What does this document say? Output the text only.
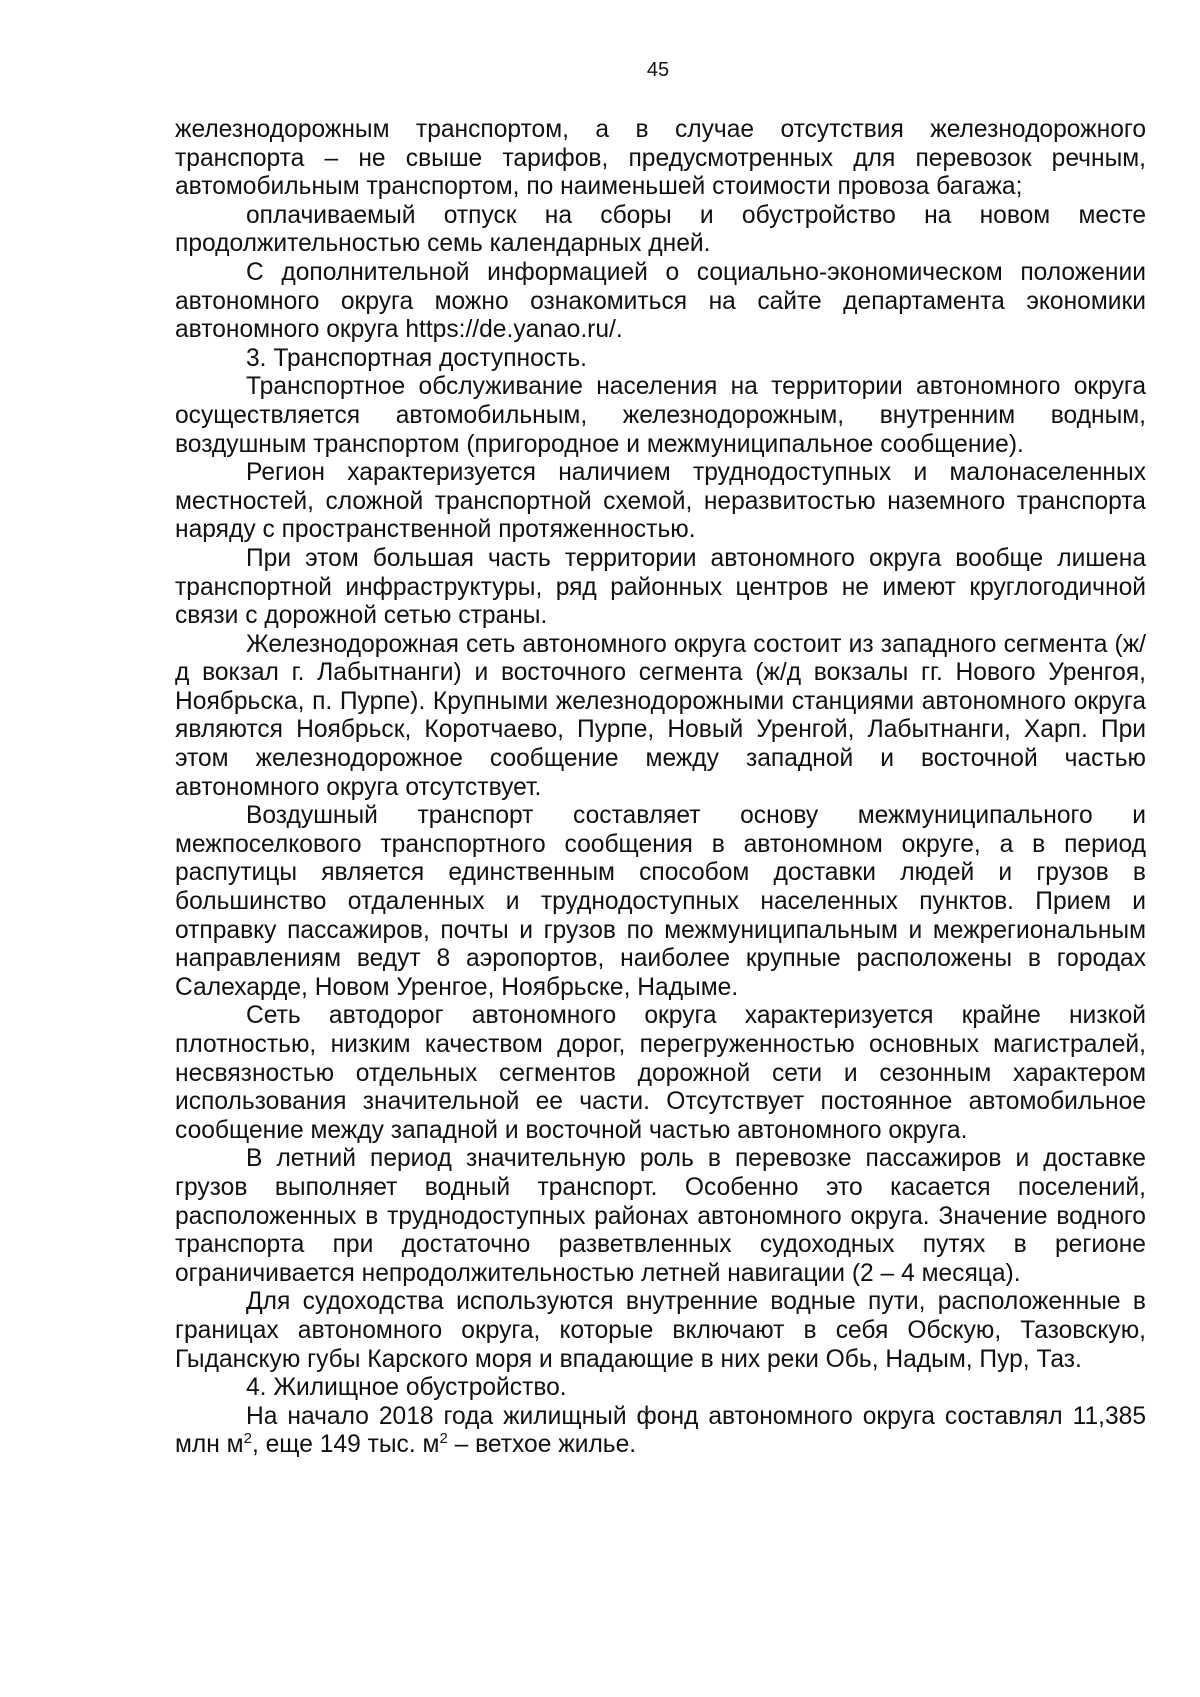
45

железнодорожным транспортом, а в случае отсутствия железнодорожного транспорта – не свыше тарифов, предусмотренных для перевозок речным, автомобильным транспортом, по наименьшей стоимости провоза багажа;

оплачиваемый отпуск на сборы и обустройство на новом месте продолжительностью семь календарных дней.

С дополнительной информацией о социально-экономическом положении автономного округа можно ознакомиться на сайте департамента экономики автономного округа https://de.yanao.ru/.

3. Транспортная доступность.

Транспортное обслуживание населения на территории автономного округа осуществляется автомобильным, железнодорожным, внутренним водным, воздушным транспортом (пригородное и межмуниципальное сообщение).

Регион характеризуется наличием труднодоступных и малонаселенных местностей, сложной транспортной схемой, неразвитостью наземного транспорта наряду с пространственной протяженностью.

При этом большая часть территории автономного округа вообще лишена транспортной инфраструктуры, ряд районных центров не имеют круглогодичной связи с дорожной сетью страны.

Железнодорожная сеть автономного округа состоит из западного сегмента (ж/д вокзал г. Лабытнанги) и восточного сегмента (ж/д вокзалы гг. Нового Уренгоя, Ноябрьска, п. Пурпе). Крупными железнодорожными станциями автономного округа являются Ноябрьск, Коротчаево, Пурпе, Новый Уренгой, Лабытнанги, Харп. При этом железнодорожное сообщение между западной и восточной частью автономного округа отсутствует.

Воздушный транспорт составляет основу межмуниципального и межпоселкового транспортного сообщения в автономном округе, а в период распутицы является единственным способом доставки людей и грузов в большинство отдаленных и труднодоступных населенных пунктов. Прием и отправку пассажиров, почты и грузов по межмуниципальным и межрегиональным направлениям ведут 8 аэропортов, наиболее крупные расположены в городах Салехарде, Новом Уренгое, Ноябрьске, Надыме.

Сеть автодорог автономного округа характеризуется крайне низкой плотностью, низким качеством дорог, перегруженностью основных магистралей, несвязностью отдельных сегментов дорожной сети и сезонным характером использования значительной ее части. Отсутствует постоянное автомобильное сообщение между западной и восточной частью автономного округа.

В летний период значительную роль в перевозке пассажиров и доставке грузов выполняет водный транспорт. Особенно это касается поселений, расположенных в труднодоступных районах автономного округа. Значение водного транспорта при достаточно разветвленных судоходных путях в регионе ограничивается непродолжительностью летней навигации (2 – 4 месяца).

Для судоходства используются внутренние водные пути, расположенные в границах автономного округа, которые включают в себя Обскую, Тазовскую, Гыданскую губы Карского моря и впадающие в них реки Обь, Надым, Пур, Таз.

4. Жилищное обустройство.

На начало 2018 года жилищный фонд автономного округа составлял 11,385 млн $м^2$, еще 149 тыс. $м^2$ – ветхое жилье.
